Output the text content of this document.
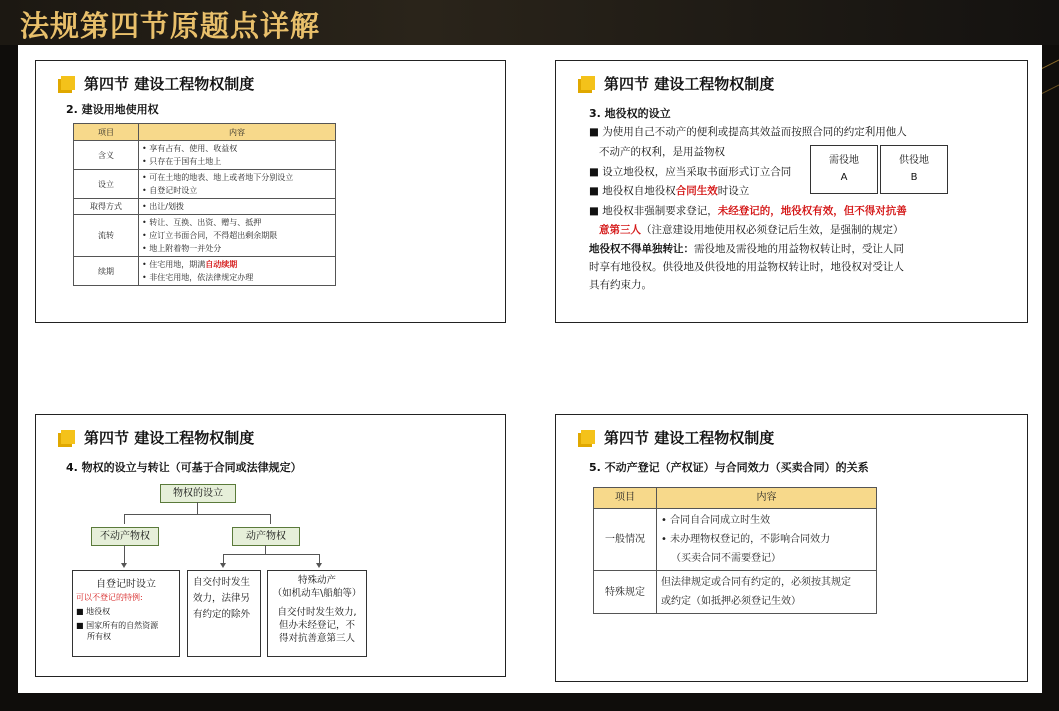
法规第四节原题点详解
第四节 建设工程物权制度
2. 建设用地使用权
项目	内容
含义	• 享有占有、使用、收益权
• 只存在于国有土地上

设立	• 可在土地的地表、地上或者地下分别设立
• 自登记时设立

取得方式	• 出让/划拨

流转	• 转让、互换、出资、赠与、抵押
• 应订立书面合同，不得超出剩余期限
• 地上附着物一并处分

续期	• 住宅用地，期满自动续期
• 非住宅用地，依法律规定办理
第四节 建设工程物权制度
3. 地役权的设立
■ 为使用自己不动产的便利或提高其效益而按照合同的约定利用他人
不动产的权利，是用益物权
■ 设立地役权，应当采取书面形式订立合同
■ 地役权自地役权合同生效时设立
■ 地役权非强制要求登记，未经登记的，地役权有效，但不得对抗善
意第三人（注意建设用地使用权必须登记后生效，是强制的规定）
地役权不得单独转让：需役地及需役地的用益物权转让时，受让人同
时享有地役权。供役地及供役地的用益物权转让时，地役权对受让人
具有约束力。
需役地
A
供役地
B
第四节 建设工程物权制度
4. 物权的设立与转让（可基于合同或法律规定）
物权的设立
不动产物权	动产物权
自登记时设立
可以不登记的特例:
■ 地役权
■ 国家所有的自然资源
所有权
自交付时发生
效力，法律另
有约定的除外
特殊动产
（如机动车\船舶等）
自交付时发生效力,
但办未经登记，不
得对抗善意第三人
第四节 建设工程物权制度
5. 不动产登记（产权证）与合同效力（买卖合同）的关系
项目	内容
一般情况	• 合同自合同成立时生效
• 未办理物权登记的，不影响合同效力
（买卖合同不需要登记）

特殊规定	但法律规定或合同有约定的，必须按其规定
或约定（如抵押必须登记生效）
